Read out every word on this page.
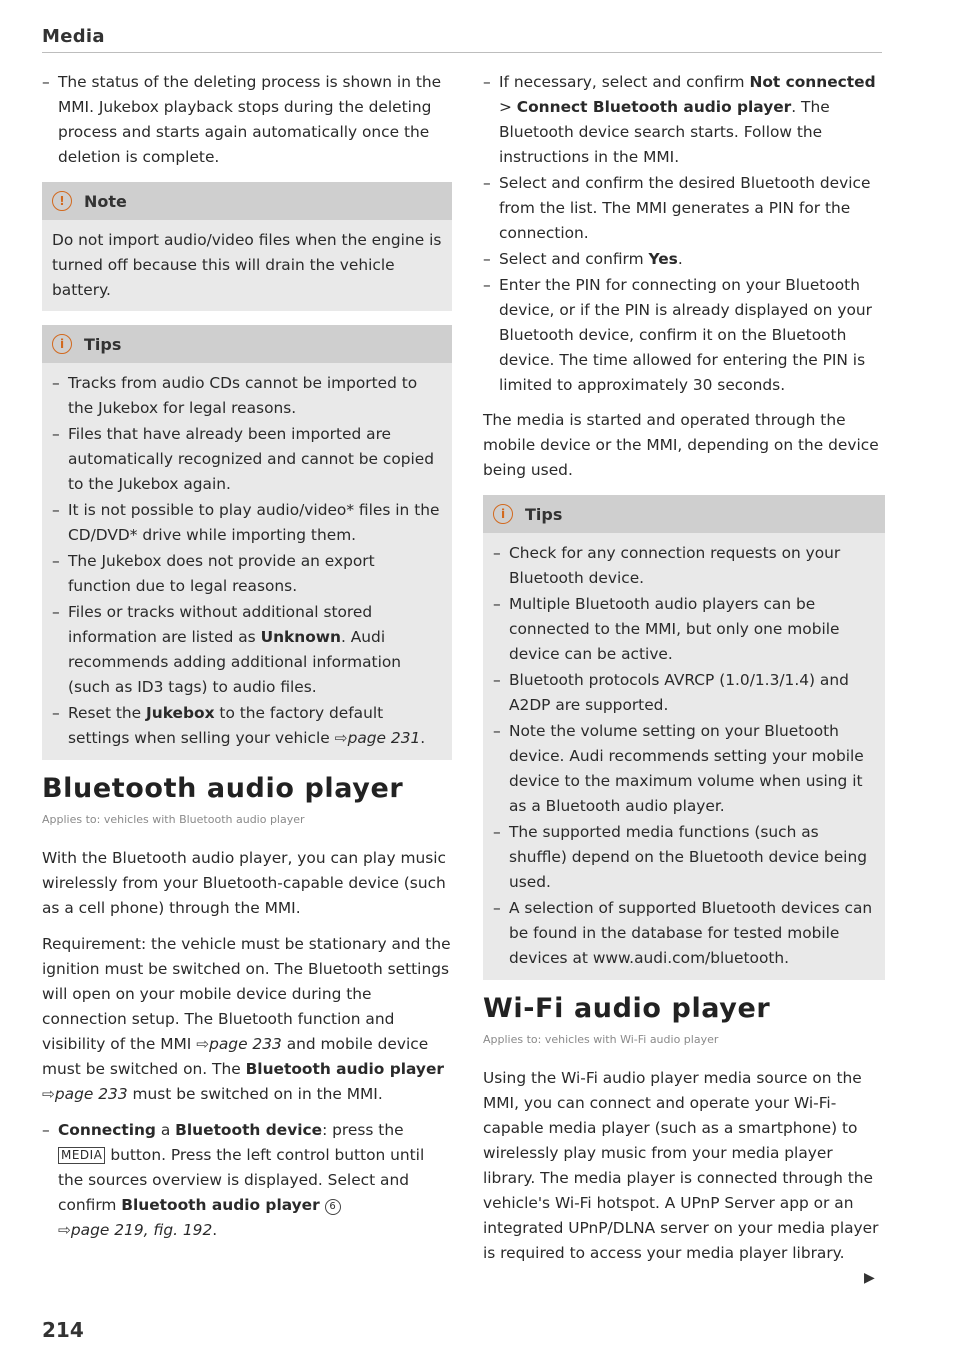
Media
– The status of the deleting process is shown in the MMI. Jukebox playback stops during the deleting process and starts again automatically once the deletion is complete.
!	Note

Do not import audio/video files when the engine is turned off because this will drain the vehicle battery.

i	Tips
– Tracks from audio CDs cannot be imported to the Jukebox for legal reasons.
– Files that have already been imported are automatically recognized and cannot be copied to the Jukebox again.
– It is not possible to play audio/video* files in the CD/DVD* drive while importing them.
– The Jukebox does not provide an export function due to legal reasons.
– Files or tracks without additional stored information are listed as Unknown. Audi recommends adding additional information (such as ID3 tags) to audio files.
– Reset the Jukebox to the factory default settings when selling your vehicle ⇨page 231.
Bluetooth audio player
Applies to: vehicles with Bluetooth audio player

With the Bluetooth audio player, you can play music wirelessly from your Bluetooth-capable device (such as a cell phone) through the MMI.

Requirement: the vehicle must be stationary and the ignition must be switched on. The Bluetooth settings will open on your mobile device during the connection setup. The Bluetooth function and visibility of the MMI ⇨page 233 and mobile device must be switched on. The Bluetooth audio player ⇨page 233 must be switched on in the MMI.

– Connecting a Bluetooth device: press the MEDIA button. Press the left control button until the sources overview is displayed. Select and confirm Bluetooth audio player 6
⇨page 219, fig. 192.
– If necessary, select and confirm Not connected > Connect Bluetooth audio player. The Bluetooth device search starts. Follow the instructions in the MMI.
– Select and confirm the desired Bluetooth device from the list. The MMI generates a PIN for the connection.
– Select and confirm Yes.
– Enter the PIN for connecting on your Bluetooth device, or if the PIN is already displayed on your Bluetooth device, confirm it on the Bluetooth device. The time allowed for entering the PIN is limited to approximately 30 seconds.

The media is started and operated through the mobile device or the MMI, depending on the device being used.

i	Tips
– Check for any connection requests on your Bluetooth device.
– Multiple Bluetooth audio players can be connected to the MMI, but only one mobile device can be active.
– Bluetooth protocols AVRCP (1.0/1.3/1.4) and A2DP are supported.
– Note the volume setting on your Bluetooth device. Audi recommends setting your mobile device to the maximum volume when using it as a Bluetooth audio player.
– The supported media functions (such as shuffle) depend on the Bluetooth device being used.
– A selection of supported Bluetooth devices can be found in the database for tested mobile devices at www.audi.com/bluetooth.
Wi-Fi audio player
Applies to: vehicles with Wi-Fi audio player

Using the Wi-Fi audio player media source on the MMI, you can connect and operate your Wi-Fi-capable media player (such as a smartphone) to wirelessly play music from your media player library. The media player is connected through the vehicle's Wi-Fi hotspot. A UPnP Server app or an integrated UPnP/DLNA server on your media player is required to access your media player library.

214
▶
